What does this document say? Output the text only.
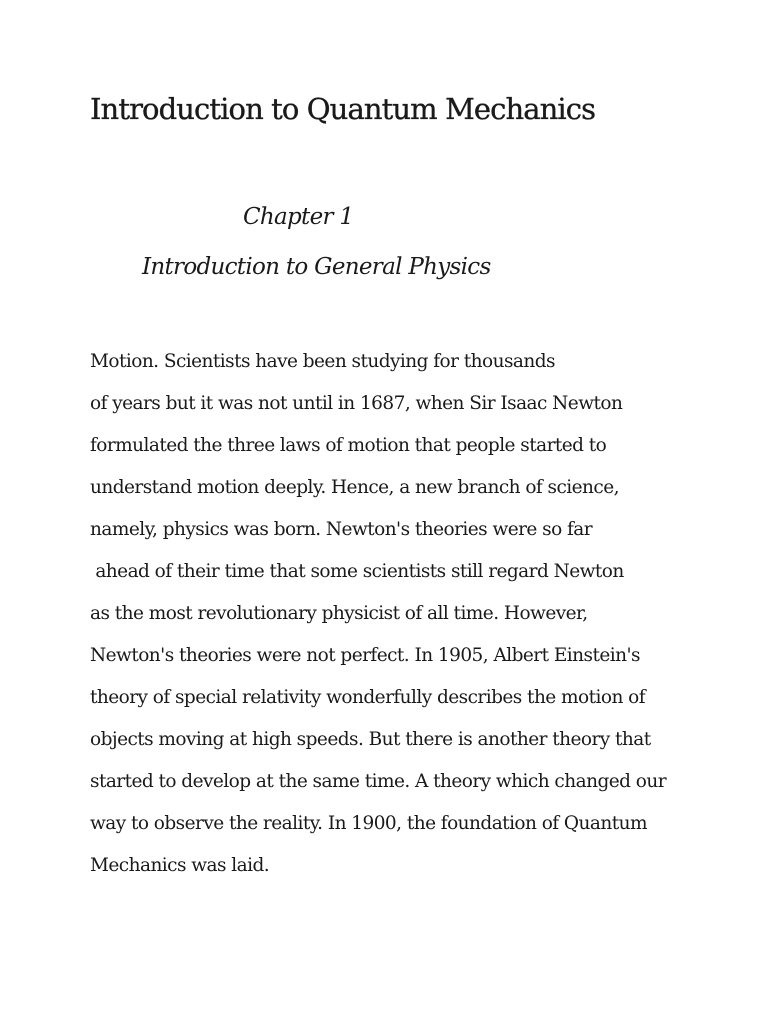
Introduction to Quantum Mechanics
Chapter 1
Introduction to General Physics
Motion. Scientists have been studying for thousands
of years but it was not until in 1687, when Sir Isaac Newton
formulated the three laws of motion that people started to
understand motion deeply. Hence, a new branch of science,
namely, physics was born. Newton's theories were so far
ahead of their time that some scientists still regard Newton
as the most revolutionary physicist of all time. However,
Newton's theories were not perfect. In 1905, Albert Einstein's
theory of special relativity wonderfully describes the motion of
objects moving at high speeds. But there is another theory that
started to develop at the same time. A theory which changed our
way to observe the reality. In 1900, the foundation of Quantum
Mechanics was laid.
